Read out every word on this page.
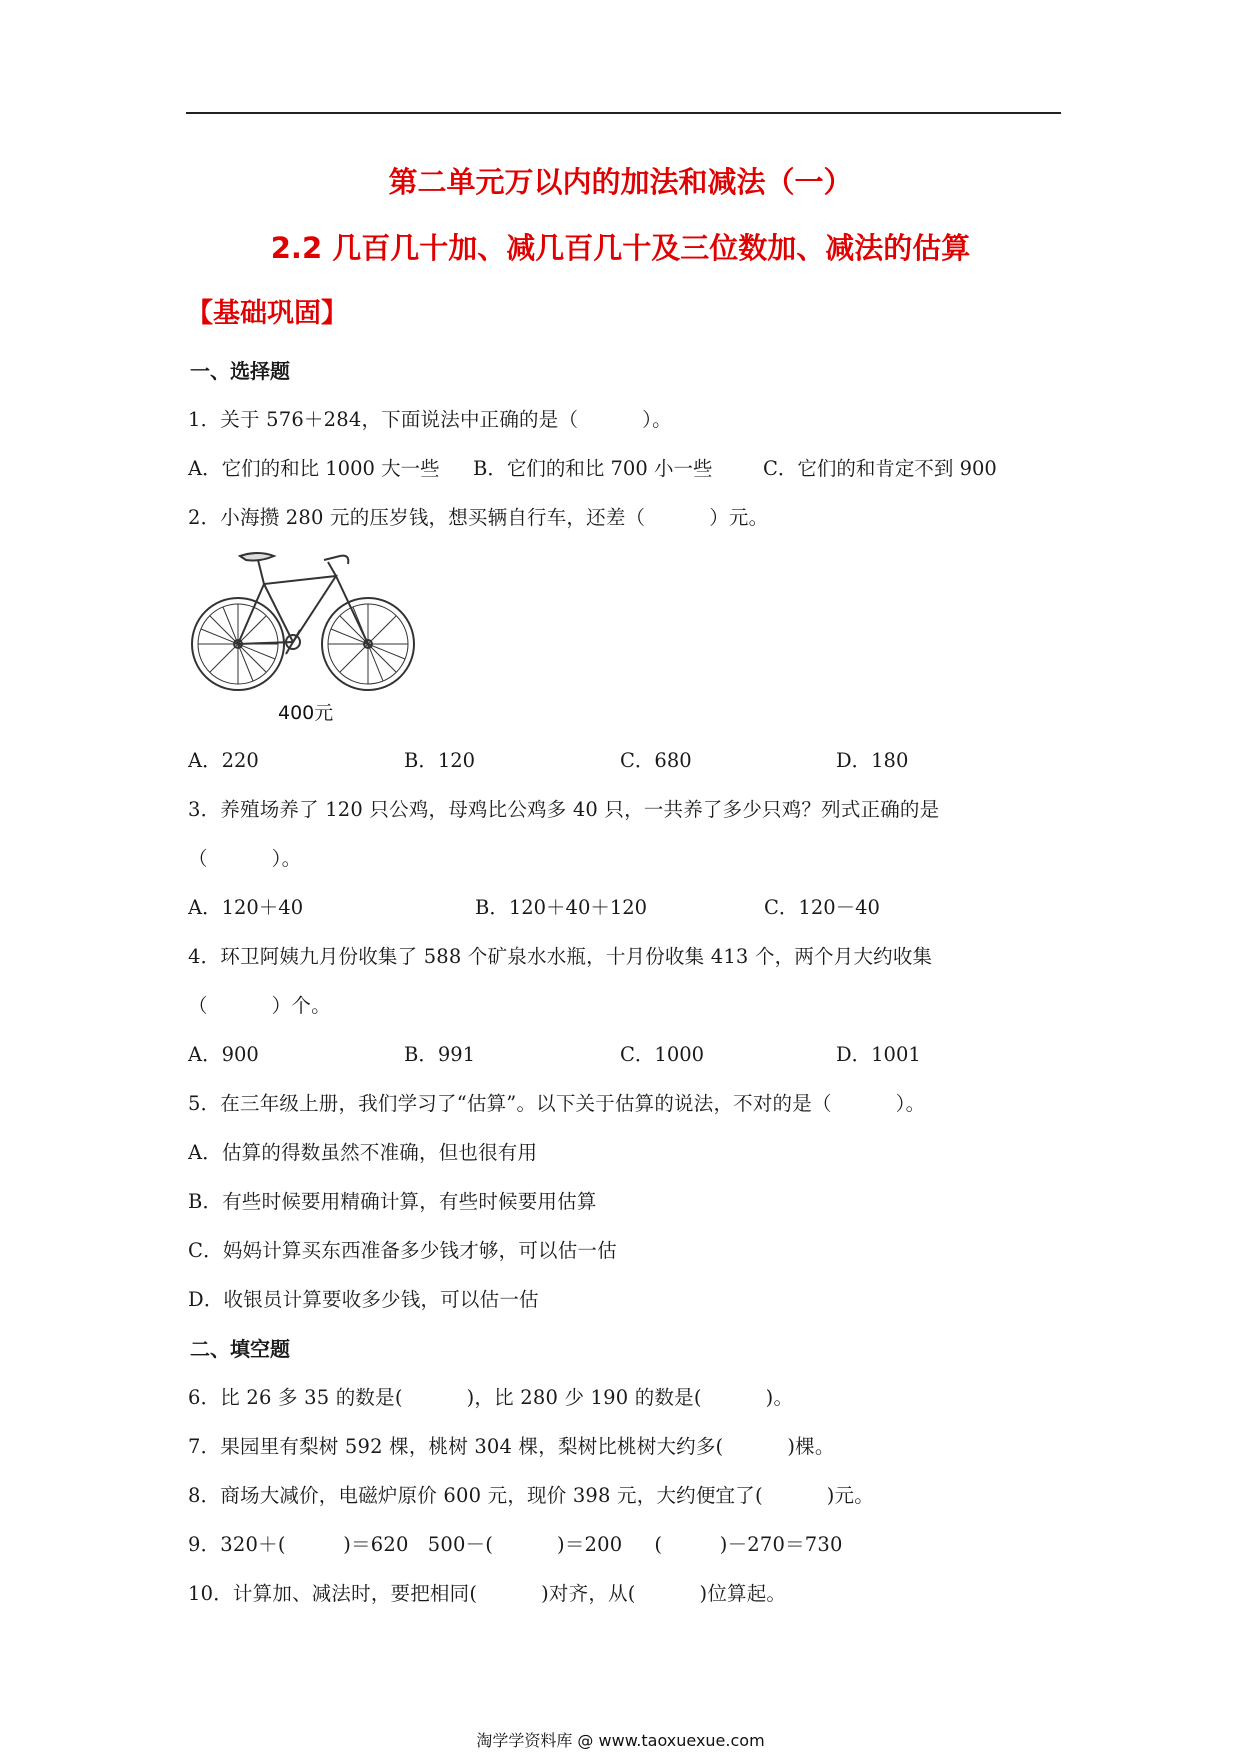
第二单元万以内的加法和减法（一）
2.2 几百几十加、减几百几十及三位数加、减法的估算
【基础巩固】
一、选择题
1．关于 576＋284，下面说法中正确的是（          ）。
A．它们的和比 1000 大一些 B．它们的和比 700 小一些	C．它们的和肯定不到 900
2．小海攒 280 元的压岁钱，想买辆自行车，还差（          ）元。
400元
A．220	B．120	C．680	D．180
3．养殖场养了 120 只公鸡，母鸡比公鸡多 40 只，一共养了多少只鸡？列式正确的是
（          ）。
A．120＋40	B．120＋40＋120	C．120－40
4．环卫阿姨九月份收集了 588 个矿泉水水瓶，十月份收集 413 个，两个月大约收集
（          ）个。
A．900	B．991	C．1000	D．1001
5．在三年级上册，我们学习了“估算”。以下关于估算的说法，不对的是（          ）。
A．估算的得数虽然不准确，但也很有用
B．有些时候要用精确计算，有些时候要用估算
C．妈妈计算买东西准备多少钱才够，可以估一估
D．收银员计算要收多少钱，可以估一估
二、填空题
6．比 26 多 35 的数是(          )，比 280 少 190 的数是(          )。
7．果园里有梨树 592 棵，桃树 304 棵，梨树比桃树大约多(          )棵。
8．商场大减价，电磁炉原价 600 元，现价 398 元，大约便宜了(          )元。
9．320＋(         )＝620   500－(          )＝200     (         )－270＝730
10．计算加、减法时，要把相同(          )对齐，从(          )位算起。
淘学学资料库 @ www.taoxuexue.com
